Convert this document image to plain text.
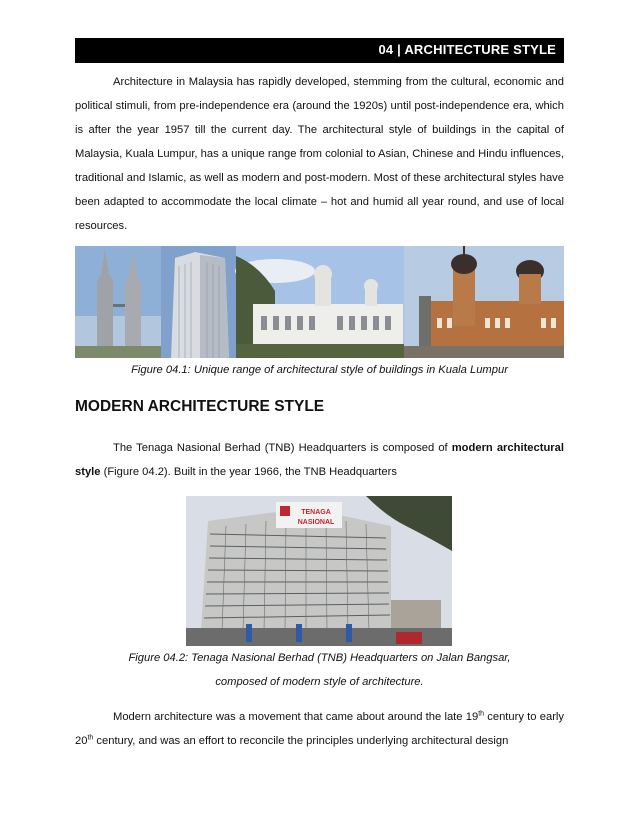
04 | ARCHITECTURE STYLE

Architecture in Malaysia has rapidly developed, stemming from the cultural, economic and political stimuli, from pre-independence era (around the 1920s) until post-independence era, which is after the year 1957 till the current day. The architectural style of buildings in the capital of Malaysia, Kuala Lumpur, has a unique range from colonial to Asian, Chinese and Hindu influences, traditional and Islamic, as well as modern and post-modern. Most of these architectural styles have been adapted to accommodate the local climate – hot and humid all year round, and use of local resources.

Figure 04.1: Unique range of architectural style of buildings in Kuala Lumpur

MODERN ARCHITECTURE STYLE

The Tenaga Nasional Berhad (TNB) Headquarters is composed of modern architectural style (Figure 04.2). Built in the year 1966, the TNB Headquarters

TENAGA
NASIONAL

Figure 04.2: Tenaga Nasional Berhad (TNB) Headquarters on Jalan Bangsar,

composed of modern style of architecture.

Modern architecture was a movement that came about around the late 19th century to early 20th century, and was an effort to reconcile the principles underlying architectural design
